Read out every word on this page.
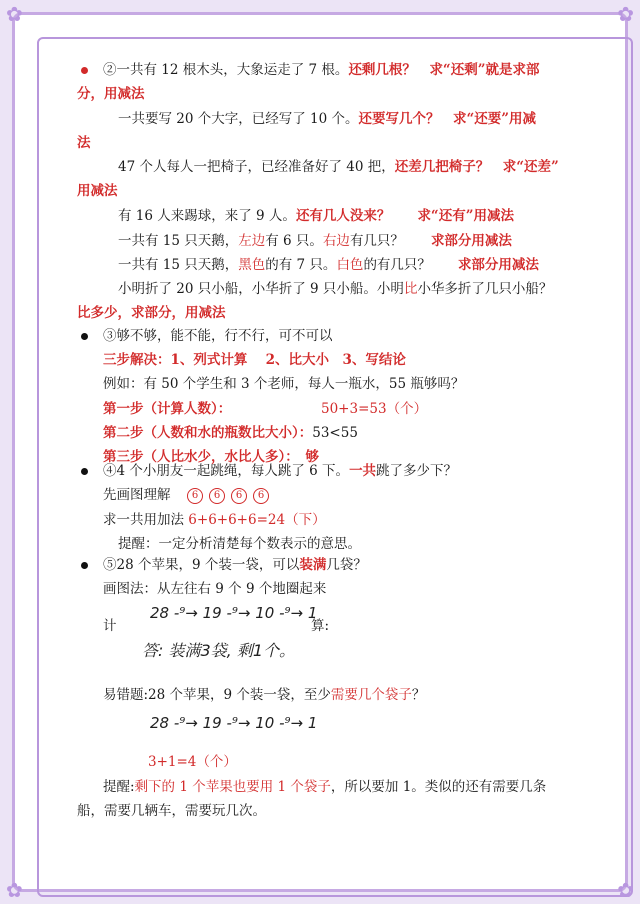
✿	✿
✿	✿
②一共有 12 根木头，大象运走了 7 根。还剩几根？　 求“还剩”就是求部
分，用减法
一共要写 20 个大字，已经写了 10 个。还要写几个？　 求“还要”用减
法
47 个人每人一把椅子，已经准备好了 40 把，还差几把椅子？　 求“还差”
用减法
有 16 人来踢球，来了 9 人。还有几人没来？　　 求“还有”用减法
一共有 15 只天鹅，左边有 6 只。右边有几只？　　 求部分用减法
一共有 15 只天鹅，黑色的有 7 只。白色的有几只？　　 求部分用减法
小明折了 20 只小船，小华折了 9 只小船。小明比小华多折了几只小船？
比多少，求部分，用减法
③够不够，能不能，行不行，可不可以
三步解决：1、列式计算　 2、比大小　3、写结论
例如：有 50 个学生和 3 个老师，每人一瓶水，55 瓶够吗？
第一步（计算人数）：	50+3=53（个）
第二步（人数和水的瓶数比大小）：53<55
第三步（人比水少，水比人多）：　 够
④4 个小朋友一起跳绳，每人跳了 6 下。一共跳了多少下？
先画图理解　 6 6 6 6
求一共用加法 6+6+6+6=24（下）
提醒：一定分析清楚每个数表示的意思。
⑤28 个苹果，9 个装一袋，可以装满几袋？
画图法：从左往右 9 个 9 个地圈起来
计	算:
28 -⁹→ 19 -⁹→ 10 -⁹→ 1
答: 装满3袋, 剩1个。
易错题:28 个苹果，9 个装一袋，至少需要几个袋子？
28 -⁹→ 19 -⁹→ 10 -⁹→ 1
3+1=4（个）
提醒:剩下的 1 个苹果也要用 1 个袋子，所以要加 1。类似的还有需要几条
船，需要几辆车，需要玩几次。
